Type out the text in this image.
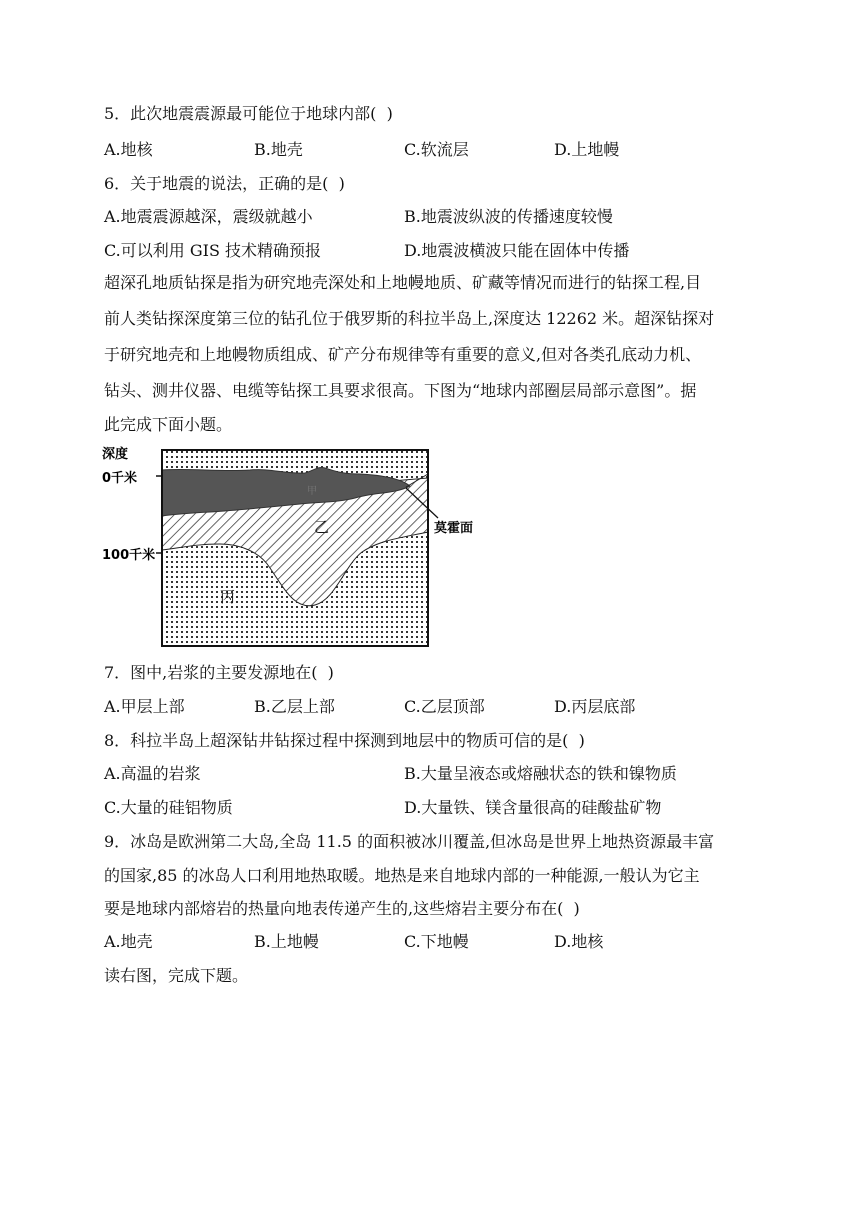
5．此次地震震源最可能位于地球内部(  )
A.地核	B.地壳	C.软流层	D.上地幔
6．关于地震的说法，正确的是(  )
A.地震震源越深，震级就越小	B.地震波纵波的传播速度较慢
C.可以利用 GIS 技术精确预报	D.地震波横波只能在固体中传播
超深孔地质钻探是指为研究地壳深处和上地幔地质、矿藏等情况而进行的钻探工程,目
前人类钻探深度第三位的钻孔位于俄罗斯的科拉半岛上,深度达 12262 米。超深钻探对
于研究地壳和上地幔物质组成、矿产分布规律等有重要的意义,但对各类孔底动力机、
钻头、测井仪器、电缆等钻探工具要求很高。下图为“地球内部圈层局部示意图”。据
此完成下面小题。
深度
0千米
100千米
莫霍面
甲
乙
丙
7．图中,岩浆的主要发源地在(  )
A.甲层上部	B.乙层上部	C.乙层顶部	D.丙层底部
8．科拉半岛上超深钻井钻探过程中探测到地层中的物质可信的是(  )
A.高温的岩浆	B.大量呈液态或熔融状态的铁和镍物质
C.大量的硅铝物质	D.大量铁、镁含量很高的硅酸盐矿物
9．冰岛是欧洲第二大岛,全岛 11.5 的面积被冰川覆盖,但冰岛是世界上地热资源最丰富
的国家,85 的冰岛人口利用地热取暖。地热是来自地球内部的一种能源,一般认为它主
要是地球内部熔岩的热量向地表传递产生的,这些熔岩主要分布在(  )
A.地壳	B.上地幔	C.下地幔	D.地核
读右图，完成下题。
